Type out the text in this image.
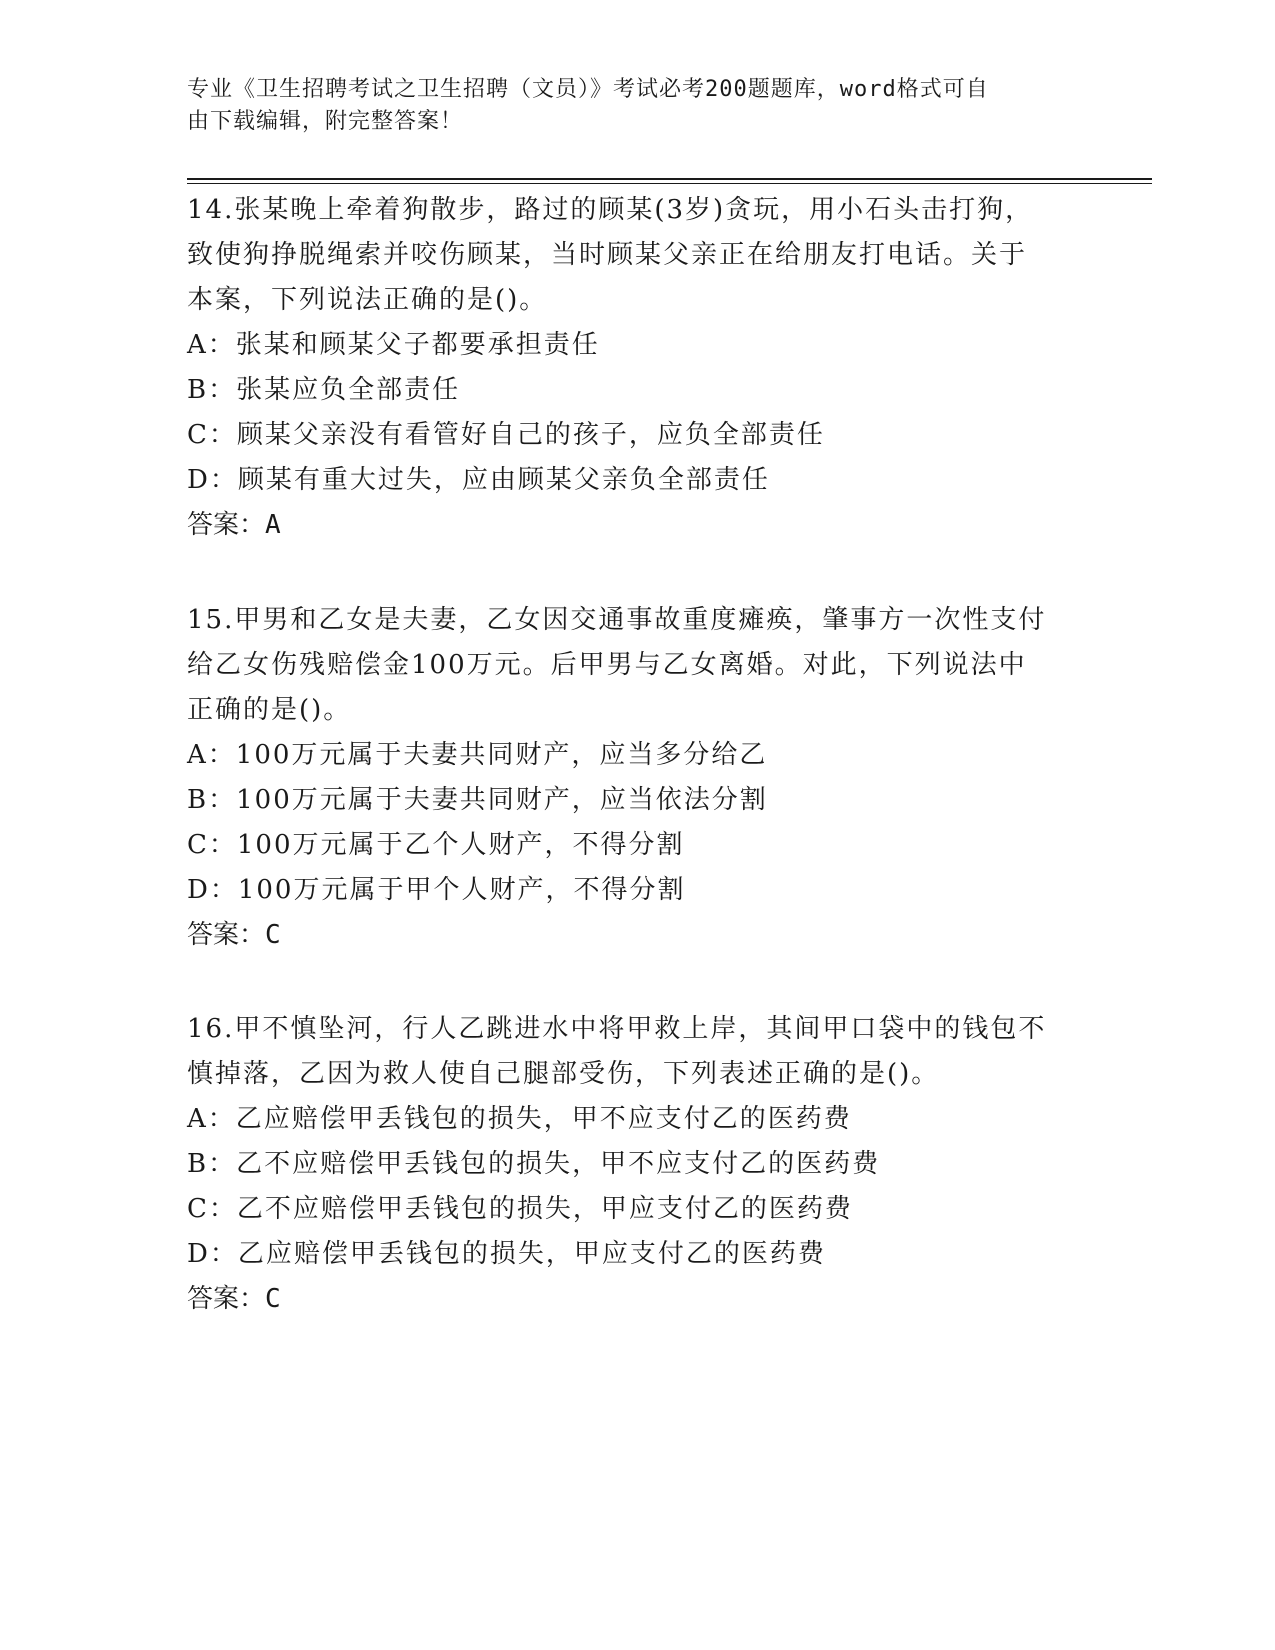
专业《卫生招聘考试之卫生招聘（文员）》考试必考200题题库，word格式可自
由下载编辑，附完整答案！

14.张某晚上牵着狗散步，路过的顾某(3岁)贪玩，用小石头击打狗，

致使狗挣脱绳索并咬伤顾某，当时顾某父亲正在给朋友打电话。关于

本案，下列说法正确的是()。

A：张某和顾某父子都要承担责任

B：张某应负全部责任

C：顾某父亲没有看管好自己的孩子，应负全部责任

D：顾某有重大过失，应由顾某父亲负全部责任

答案：A

15.甲男和乙女是夫妻，乙女因交通事故重度瘫痪，肇事方一次性支付

给乙女伤残赔偿金100万元。后甲男与乙女离婚。对此，下列说法中

正确的是()。

A：100万元属于夫妻共同财产，应当多分给乙

B：100万元属于夫妻共同财产，应当依法分割

C：100万元属于乙个人财产，不得分割

D：100万元属于甲个人财产，不得分割

答案：C

16.甲不慎坠河，行人乙跳进水中将甲救上岸，其间甲口袋中的钱包不

慎掉落，乙因为救人使自己腿部受伤，下列表述正确的是()。

A：乙应赔偿甲丢钱包的损失，甲不应支付乙的医药费

B：乙不应赔偿甲丢钱包的损失，甲不应支付乙的医药费

C：乙不应赔偿甲丢钱包的损失，甲应支付乙的医药费

D：乙应赔偿甲丢钱包的损失，甲应支付乙的医药费

答案：C
